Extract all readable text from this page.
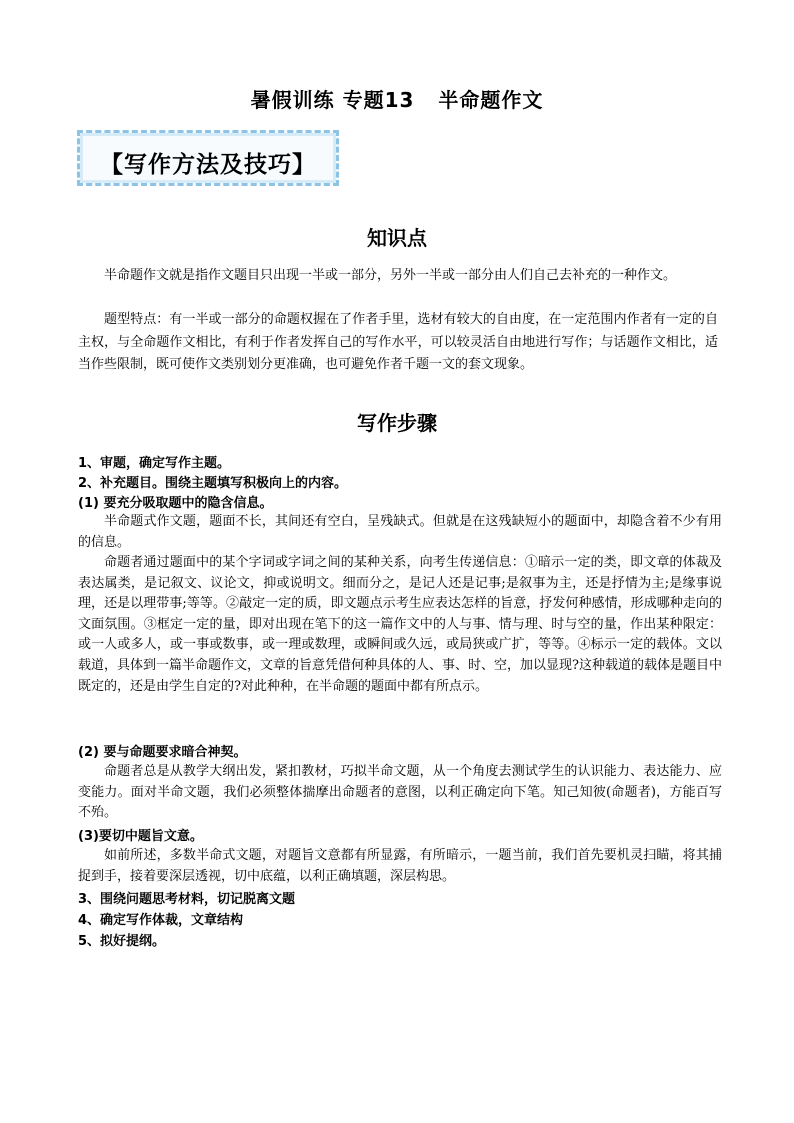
暑假训练 专题13   半命题作文
【写作方法及技巧】
知识点
半命题作文就是指作文题目只出现一半或一部分，另外一半或一部分由人们自己去补充的一种作文。
题型特点：有一半或一部分的命题权握在了作者手里，选材有较大的自由度，在一定范围内作者有一定的自主权，与全命题作文相比，有利于作者发挥自己的写作水平，可以较灵活自由地进行写作；与话题作文相比，适当作些限制，既可使作文类别划分更准确，也可避免作者千题一文的套文现象。
写作步骤
1、审题，确定写作主题。
2、补充题目。围绕主题填写积极向上的内容。
(1) 要充分吸取题中的隐含信息。
半命题式作文题，题面不长，其间还有空白，呈残缺式。但就是在这残缺短小的题面中，却隐含着不少有用的信息。
命题者通过题面中的某个字词或字词之间的某种关系，向考生传递信息：①暗示一定的类，即文章的体裁及表达属类，是记叙文、议论文，抑或说明文。细而分之，是记人还是记事;是叙事为主，还是抒情为主;是缘事说理，还是以理带事;等等。②敲定一定的质，即文题点示考生应表达怎样的旨意，抒发何种感情，形成哪种走向的文面氛围。③框定一定的量，即对出现在笔下的这一篇作文中的人与事、情与理、时与空的量，作出某种限定：或一人或多人，或一事或数事，或一理或数理，或瞬间或久远，或局狭或广扩，等等。④标示一定的载体。文以载道，具体到一篇半命题作文，文章的旨意凭借何种具体的人、事、时、空，加以显现?这种载道的载体是题目中既定的，还是由学生自定的?对此种种，在半命题的题面中都有所点示。
(2) 要与命题要求暗合神契。
命题者总是从教学大纲出发，紧扣教材，巧拟半命文题，从一个角度去测试学生的认识能力、表达能力、应变能力。面对半命文题，我们必须整体揣摩出命题者的意图，以利正确定向下笔。知己知彼(命题者)，方能百写不殆。
(3)要切中题旨文意。
如前所述，多数半命式文题，对题旨文意都有所显露，有所暗示，一题当前，我们首先要机灵扫瞄，将其捕捉到手，接着要深层透视，切中底蕴，以利正确填题，深层构思。
3、围绕问题思考材料，切记脱离文题
4、确定写作体裁，文章结构
5、拟好提纲。
